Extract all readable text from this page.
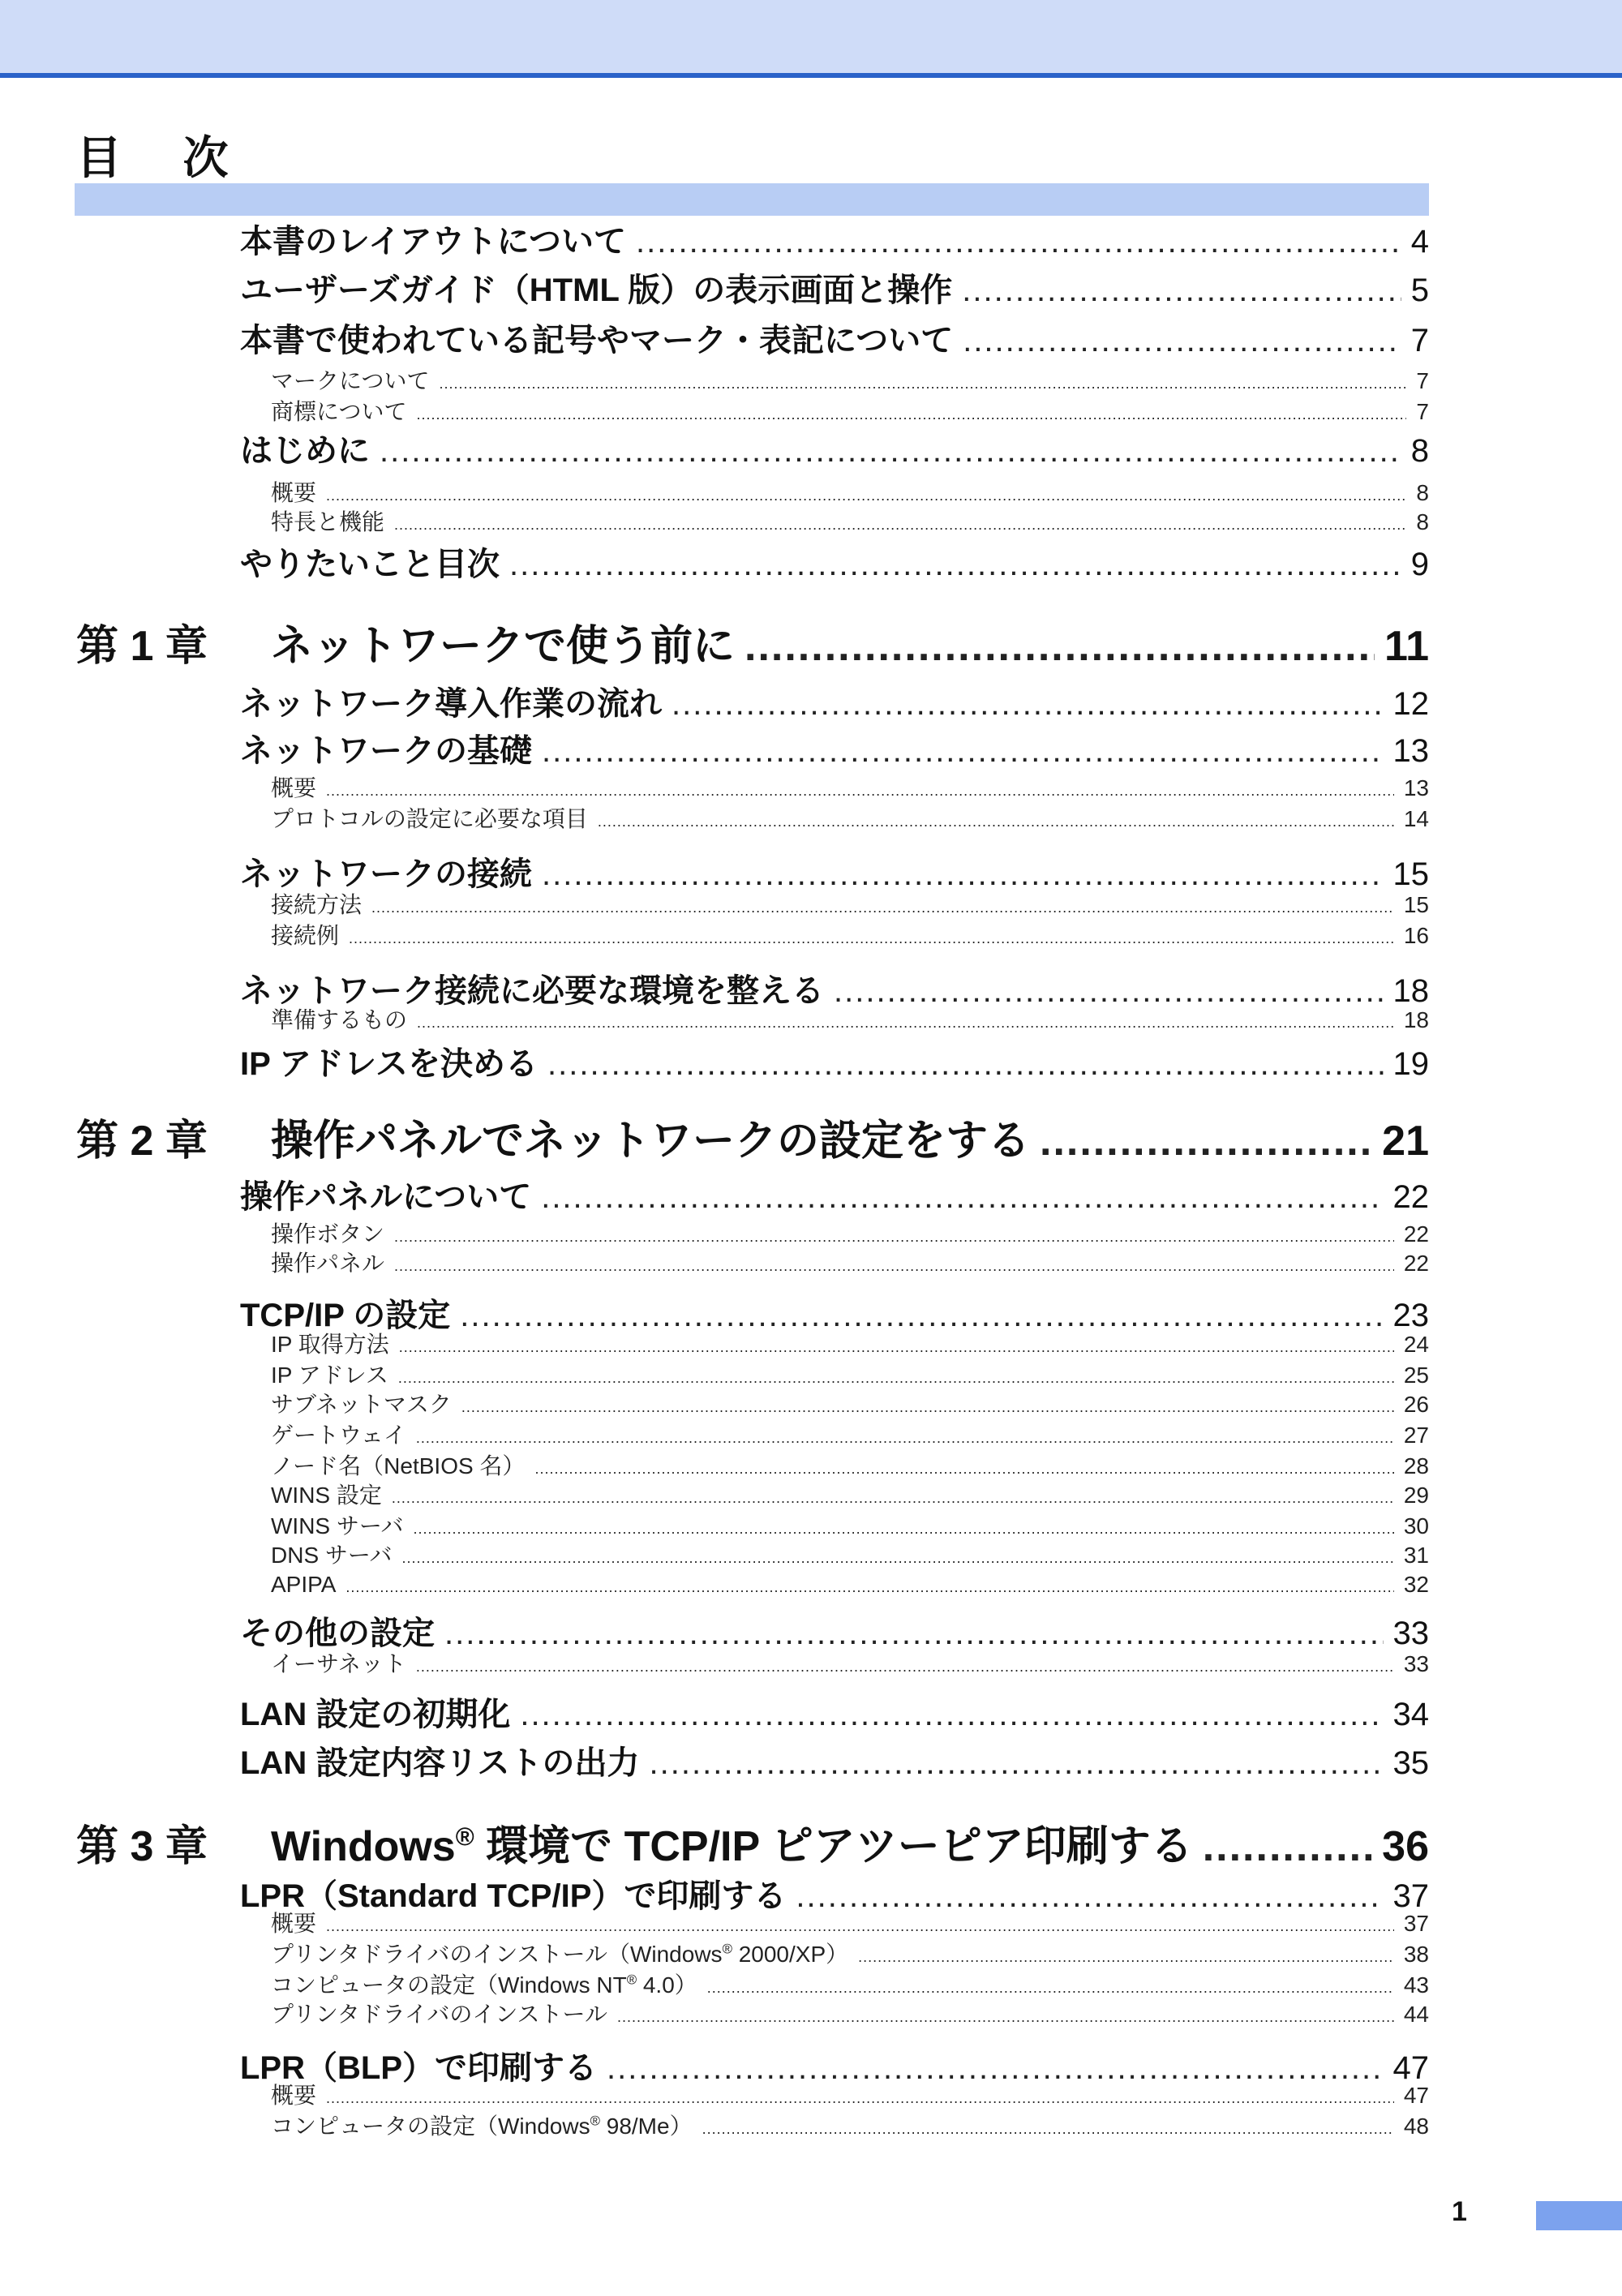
目 次
本書のレイアウトについて .....	4
ユーザーズガイド（HTML 版）の表示画面と操作 .....	5
本書で使われている記号やマーク・表記について .....	7
マークについて .....	7
商標について .....	7
はじめに .....	8
概要 .....	8
特長と機能 .....	8
やりたいこと目次 .....	9
第 1 章 ネットワークで使う前に .....	11
ネットワーク導入作業の流れ .....	12
ネットワークの基礎 .....	13
概要 .....	13
プロトコルの設定に必要な項目 .....	14
ネットワークの接続 .....	15
接続方法 .....	15
接続例 .....	16
ネットワーク接続に必要な環境を整える .....	18
準備するもの .....	18
IP アドレスを決める .....	19
第 2 章 操作パネルでネットワークの設定をする .....	21
操作パネルについて .....	22
操作ボタン .....	22
操作パネル .....	22
TCP/IP の設定 .....	23
IP 取得方法 .....	24
IP アドレス .....	25
サブネットマスク .....	26
ゲートウェイ .....	27
ノード名（NetBIOS 名） .....	28
WINS 設定 .....	29
WINS サーバ .....	30
DNS サーバ .....	31
APIPA .....	32
その他の設定 .....	33
イーサネット .....	33
LAN 設定の初期化 .....	34
LAN 設定内容リストの出力 .....	35
第 3 章 Windows® 環境で TCP/IP ピアツーピア印刷する .....	36
LPR（Standard TCP/IP）で印刷する .....	37
概要 .....	37
プリンタドライバのインストール（Windows® 2000/XP） .....	38
コンピュータの設定（Windows NT® 4.0） .....	43
プリンタドライバのインストール .....	44
LPR（BLP）で印刷する .....	47
概要 .....	47
コンピュータの設定（Windows® 98/Me） .....	48
1
